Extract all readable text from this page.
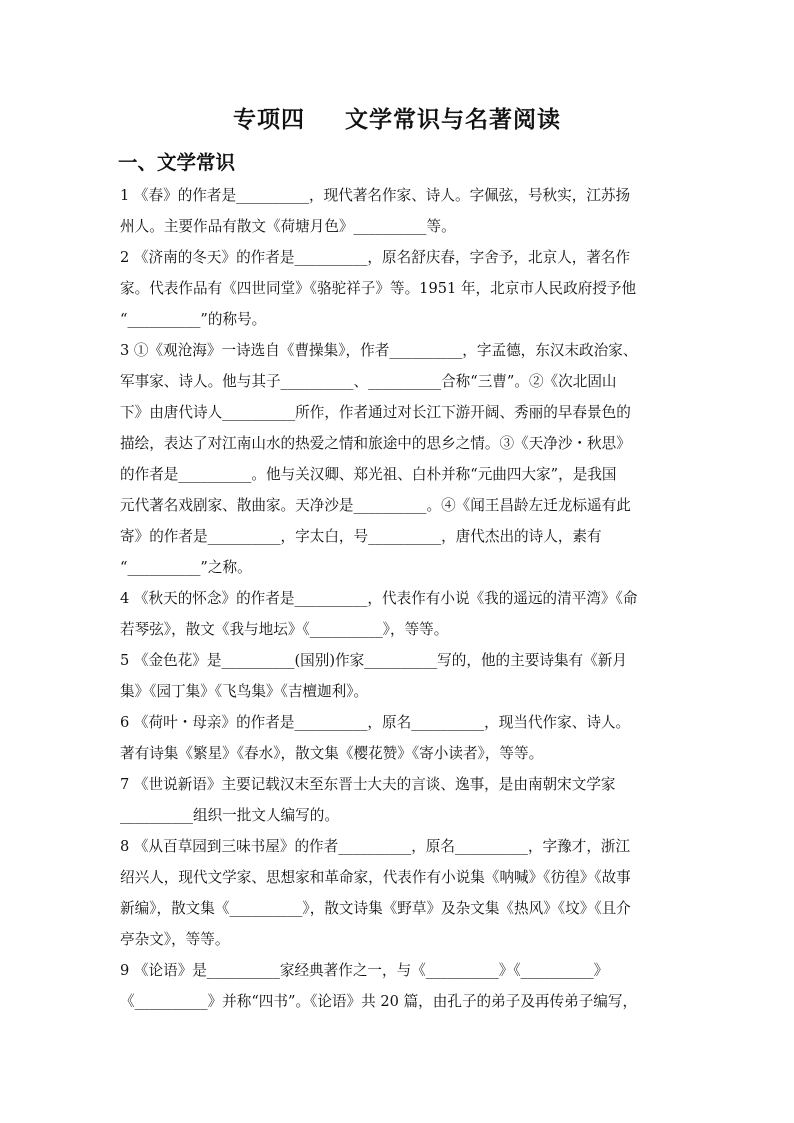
专项四 文学常识与名著阅读
一、文学常识
1 《春》的作者是__________，现代著名作家、诗人。字佩弦，号秋实，江苏扬
州人。主要作品有散文《荷塘月色》__________等。
2 《济南的冬天》的作者是__________，原名舒庆春，字舍予，北京人，著名作
家。代表作品有《四世同堂》《骆驼祥子》等。1951 年，北京市人民政府授予他
“__________”的称号。
3 ①《观沧海》一诗选自《曹操集》，作者__________，字孟德，东汉末政治家、
军事家、诗人。他与其子__________、__________合称“三曹”。②《次北固山
下》由唐代诗人__________所作，作者通过对长江下游开阔、秀丽的早春景色的
描绘，表达了对江南山水的热爱之情和旅途中的思乡之情。③《天净沙・秋思》
的作者是__________。他与关汉卿、郑光祖、白朴并称“元曲四大家”，是我国
元代著名戏剧家、散曲家。天净沙是__________。④《闻王昌龄左迁龙标遥有此
寄》的作者是__________，字太白，号__________，唐代杰出的诗人，素有
“__________”之称。
4 《秋天的怀念》的作者是__________，代表作有小说《我的遥远的清平湾》《命
若琴弦》，散文《我与地坛》《__________》，等等。
5 《金色花》是__________(国别)作家__________写的，他的主要诗集有《新月
集》《园丁集》《飞鸟集》《吉檀迦利》。
6 《荷叶・母亲》的作者是__________，原名__________，现当代作家、诗人。
著有诗集《繁星》《春水》，散文集《樱花赞》《寄小读者》，等等。
7 《世说新语》主要记载汉末至东晋士大夫的言谈、逸事，是由南朝宋文学家
__________组织一批文人编写的。
8 《从百草园到三味书屋》的作者__________，原名__________，字豫才，浙江
绍兴人，现代文学家、思想家和革命家，代表作有小说集《呐喊》《彷徨》《故事
新编》，散文集《__________》，散文诗集《野草》及杂文集《热风》《坟》《且介
亭杂文》，等等。
9 《论语》是__________家经典著作之一，与《__________》《__________》
《__________》并称“四书”。《论语》共 20 篇，由孔子的弟子及再传弟子编写，
